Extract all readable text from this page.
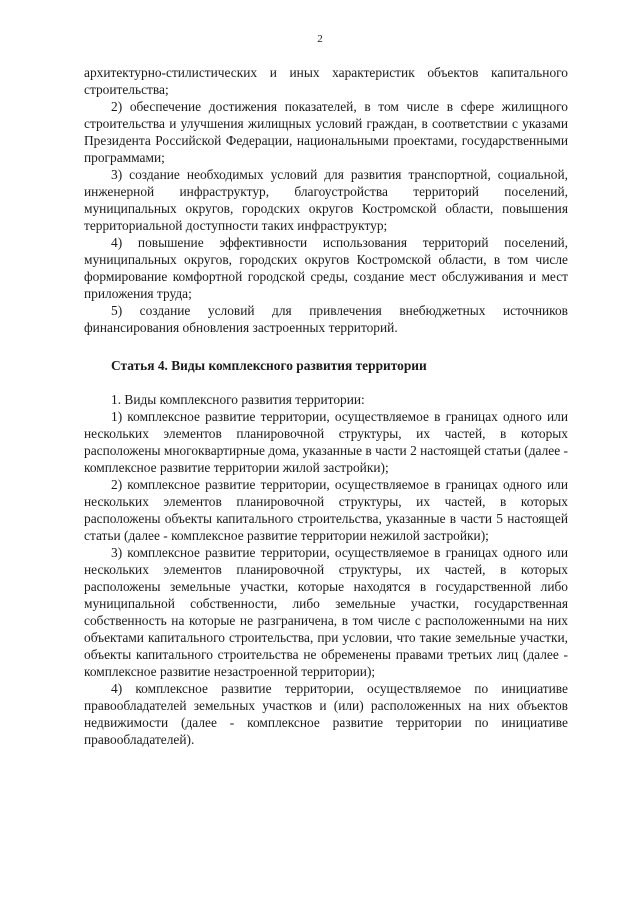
2

архитектурно-стилистических и иных характеристик объектов капитального строительства;

2) обеспечение достижения показателей, в том числе в сфере жилищного строительства и улучшения жилищных условий граждан, в соответствии с указами Президента Российской Федерации, национальными проектами, государственными программами;

3) создание необходимых условий для развития транспортной, социальной, инженерной инфраструктур, благоустройства территорий поселений, муниципальных округов, городских округов Костромской области, повышения территориальной доступности таких инфраструктур;

4) повышение эффективности использования территорий поселений, муниципальных округов, городских округов Костромской области, в том числе формирование комфортной городской среды, создание мест обслуживания и мест приложения труда;

5) создание условий для привлечения внебюджетных источников финансирования обновления застроенных территорий.

Статья 4. Виды комплексного развития территории

1. Виды комплексного развития территории:

1) комплексное развитие территории, осуществляемое в границах одного или нескольких элементов планировочной структуры, их частей, в которых расположены многоквартирные дома, указанные в части 2 настоящей статьи (далее - комплексное развитие территории жилой застройки);

2) комплексное развитие территории, осуществляемое в границах одного или нескольких элементов планировочной структуры, их частей, в которых расположены объекты капитального строительства, указанные в части 5 настоящей статьи (далее - комплексное развитие территории нежилой застройки);

3) комплексное развитие территории, осуществляемое в границах одного или нескольких элементов планировочной структуры, их частей, в которых расположены земельные участки, которые находятся в государственной либо муниципальной собственности, либо земельные участки, государственная собственность на которые не разграничена, в том числе с расположенными на них объектами капитального строительства, при условии, что такие земельные участки, объекты капитального строительства не обременены правами третьих лиц (далее - комплексное развитие незастроенной территории);

4) комплексное развитие территории, осуществляемое по инициативе правообладателей земельных участков и (или) расположенных на них объектов недвижимости (далее - комплексное развитие территории по инициативе правообладателей).
